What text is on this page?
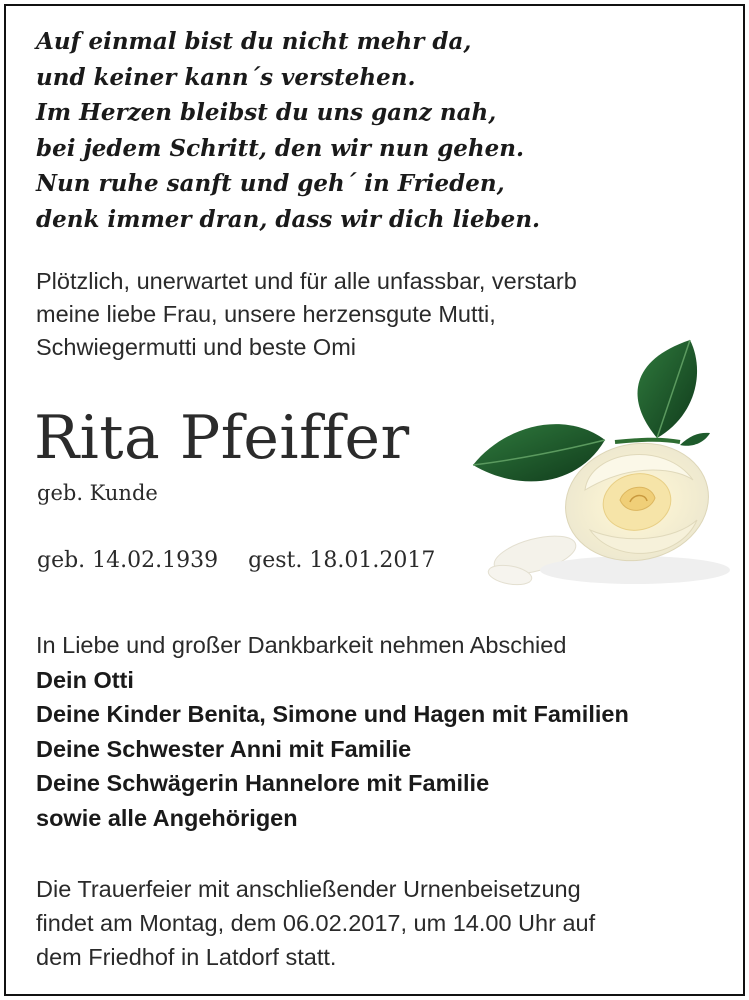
Auf einmal bist du nicht mehr da,
und keiner kann´s verstehen.
Im Herzen bleibst du uns ganz nah,
bei jedem Schritt, den wir nun gehen.
Nun ruhe sanft und geh´ in Frieden,
denk immer dran, dass wir dich lieben.
Plötzlich, unerwartet und für alle unfassbar, verstarb
meine liebe Frau, unsere herzensgute Mutti,
Schwiegermutti und beste Omi
Rita Pfeiffer
geb. Kunde
geb. 14.02.1939 gest. 18.01.2017
In Liebe und großer Dankbarkeit nehmen Abschied
Dein Otti
Deine Kinder Benita, Simone und Hagen mit Familien
Deine Schwester Anni mit Familie
Deine Schwägerin Hannelore mit Familie
sowie alle Angehörigen
Die Trauerfeier mit anschließender Urnenbeisetzung
findet am Montag, dem 06.02.2017, um 14.00 Uhr auf
dem Friedhof in Latdorf statt.
